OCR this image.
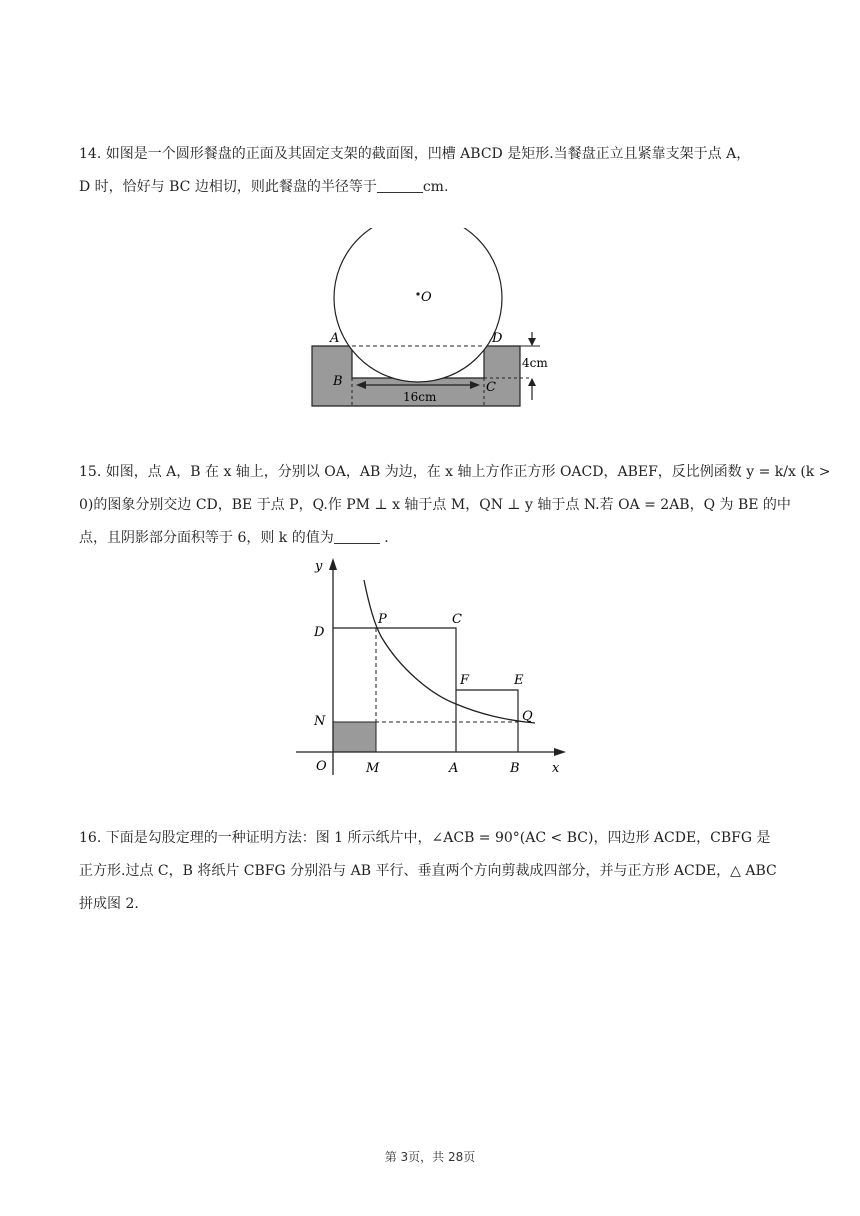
14. 如图是一个圆形餐盘的正面及其固定支架的截面图，凹槽 ABCD 是矩形.当餐盘正立且紧靠支架于点 A，
D 时，恰好与 BC 边相切，则此餐盘的半径等于	cm.
O
A	D
B	C
16cm
4cm
15. 如图，点 A，B 在 x 轴上，分别以 OA，AB 为边，在 x 轴上方作正方形 OACD，ABEF，反比例函数 y = k/x (k >
0)的图象分别交边 CD，BE 于点 P，Q.作 PM ⊥ x 轴于点 M，QN ⊥ y 轴于点 N.若 OA = 2AB，Q 为 BE 的中
点，且阴影部分面积等于 6，则 k 的值为	.
y
x
O	M	A	B
N
D
P	C
F	E
Q
16. 下面是勾股定理的一种证明方法：图 1 所示纸片中，∠ACB = 90°(AC < BC)，四边形 ACDE，CBFG 是
正方形.过点 C，B 将纸片 CBFG 分别沿与 AB 平行、垂直两个方向剪裁成四部分，并与正方形 ACDE，△ ABC
拼成图 2.
第 3页，共 28页
